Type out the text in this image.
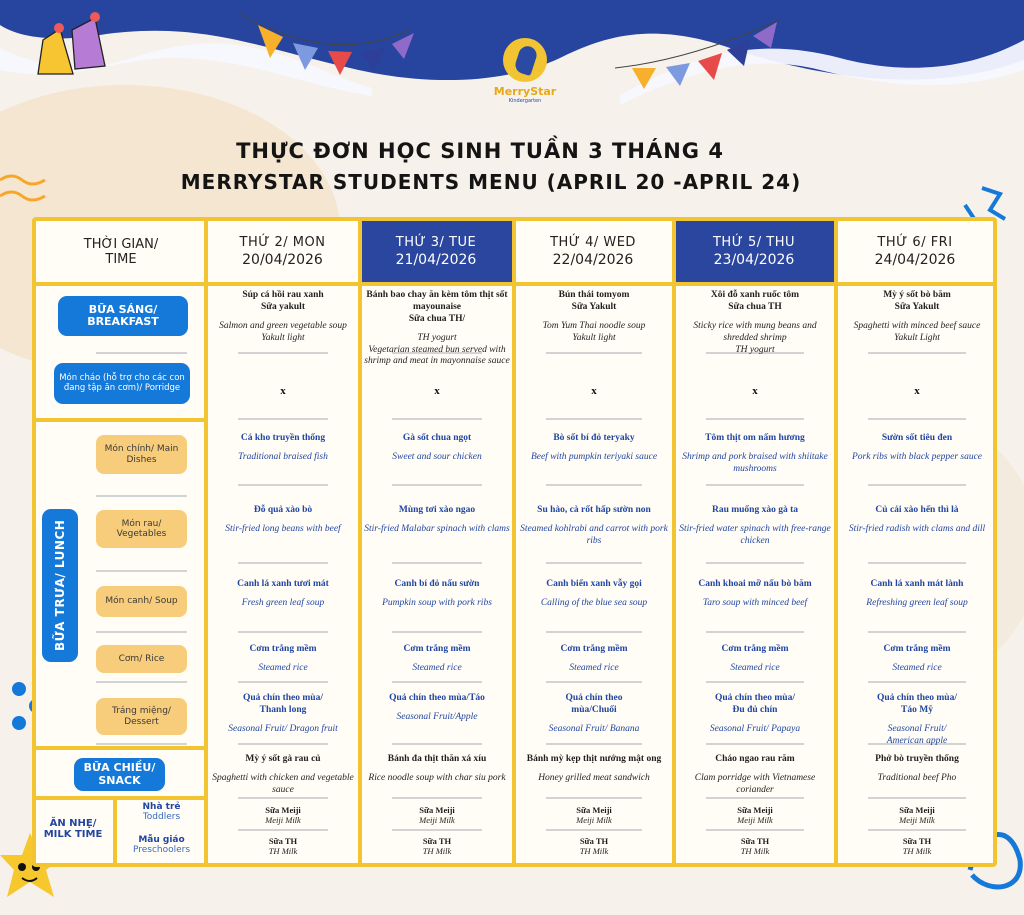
MerryStar
Kindergarten
THỰC ĐƠN HỌC SINH TUẦN 3 THÁNG 4
MERRYSTAR STUDENTS MENU (APRIL 20 -APRIL 24)
THỜI GIAN/
TIME
THỨ 2/ MON
20/04/2026
THỨ 3/ TUE
21/04/2026
THỨ 4/ WED
22/04/2026
THỨ 5/ THU
23/04/2026
THỨ 6/ FRI
24/04/2026
BỮA SÁNG/
BREAKFAST
Món cháo (hỗ trợ cho các con đang tập ăn cơm)/ Porridge
BỮA TRƯA/ LUNCH
Món chính/ Main Dishes
Món rau/ Vegetables
Món canh/ Soup
Cơm/ Rice
Tráng miệng/ Dessert
BỮA CHIỀU/
SNACK
ĂN NHẸ/
MILK TIME
Nhà trẻ
Toddlers
Mẫu giáo
Preschoolers
Súp cá hồi rau xanh
Sữa yakult
Salmon and green vegetable soup
Yakult light
x
Cá kho truyền thống
Traditional braised fish
Đỗ quả xào bò
Stir-fried long beans with beef
Canh lá xanh tươi mát
Fresh green leaf soup
Cơm trắng mềm
Steamed rice
Quả chín theo mùa/
Thanh long
Seasonal Fruit/ Dragon fruit
Mỳ ý sốt gà rau củ
Spaghetti with chicken and vegetable sauce
Sữa Meiji
Meiji Milk
Sữa TH
TH Milk
Bánh bao chay ăn kèm tôm thịt sốt mayounaise
Sữa chua TH/
TH yogurt
Vegetarian steamed bun served with shrimp and meat in mayonnaise sauce
x
Gà sốt chua ngọt
Sweet and sour chicken
Mùng tơi xào ngao
Stir-fried Malabar spinach with clams
Canh bí đỏ nấu sườn
Pumpkin soup with pork ribs
Cơm trắng mềm
Steamed rice
Quả chín theo mùa/Táo
Seasonal Fruit/Apple
Bánh đa thịt thăn xá xíu
Rice noodle soup with char siu pork
Sữa Meiji
Meiji Milk
Sữa TH
TH Milk
Bún thái tomyom
Sữa Yakult
Tom Yum Thai noodle soup
Yakult light
x
Bò sốt bí đỏ teryaky
Beef with pumpkin teriyaki sauce
Su hào, cà rốt hấp sườn non
Steamed kohlrabi and carrot with pork ribs
Canh biển xanh vẫy gọi
Calling of the blue sea soup
Cơm trắng mềm
Steamed rice
Quả chín theo
mùa/Chuối
Seasonal Fruit/ Banana
Bánh mỳ kẹp thịt nướng mật ong
Honey grilled meat sandwich
Sữa Meiji
Meiji Milk
Sữa TH
TH Milk
Xôi đỗ xanh ruốc tôm
Sữa chua TH
Sticky rice with mung beans and shredded shrimp
TH yogurt
x
Tôm thịt om nấm hương
Shrimp and pork braised with shiitake mushrooms
Rau muống xào gà ta
Stir-fried water spinach with free-range chicken
Canh khoai mỡ nấu bò băm
Taro soup with minced beef
Cơm trắng mềm
Steamed rice
Quả chín theo mùa/
Đu đủ chín
Seasonal Fruit/ Papaya
Cháo ngao rau răm
Clam porridge with Vietnamese coriander
Sữa Meiji
Meiji Milk
Sữa TH
TH Milk
Mỳ ý sốt bò băm
Sữa Yakult
Spaghetti with minced beef sauce
Yakult Light
x
Sườn sốt tiêu đen
Pork ribs with black pepper sauce
Củ cải xào hến thì là
Stir-fried radish with clams and dill
Canh lá xanh mát lành
Refreshing green leaf soup
Cơm trắng mềm
Steamed rice
Quả chín theo mùa/
Táo Mỹ
Seasonal Fruit/
American apple
Phở bò truyền thống
Traditional beef Pho
Sữa Meiji
Meiji Milk
Sữa TH
TH Milk
